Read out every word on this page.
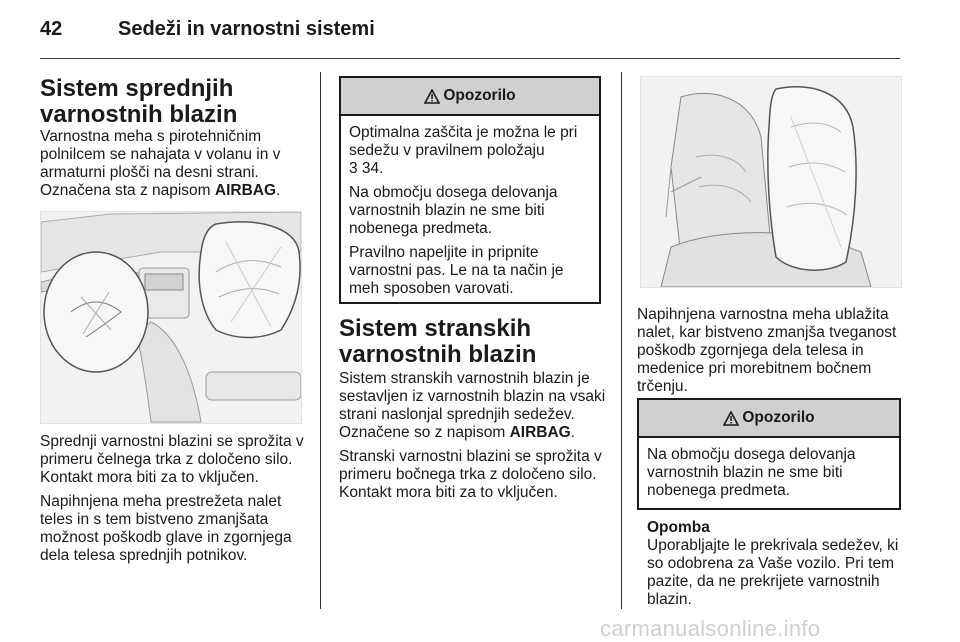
42	Sedeži in varnostni sistemi
Sistem sprednjih varnostnih blazin

Varnostna meha s pirotehničnim polnilcem se nahajata v volanu in v armaturni plošči na desni strani. Označena sta z napisom AIRBAG.

Sprednji varnostni blazini se sprožita v primeru čelnega trka z določeno silo. Kontakt mora biti za to vključen.

Napihnjena meha prestrežeta nalet teles in s tem bistveno zmanjšata možnost poškodb glave in zgornjega dela telesa sprednjih potnikov.

Opozorilo

Optimalna zaščita je možna le pri sedežu v pravilnem položaju

3 34.

Na območju dosega delovanja varnostnih blazin ne sme biti nobenega predmeta.

Pravilno napeljite in pripnite varnostni pas. Le na ta način je meh sposoben varovati.

Sistem stranskih varnostnih blazin

Sistem stranskih varnostnih blazin je sestavljen iz varnostnih blazin na vsaki strani naslonjal sprednjih sedežev. Označene so z napisom AIRBAG.

Stranski varnostni blazini se sprožita v primeru bočnega trka z določeno silo. Kontakt mora biti za to vključen.

Napihnjena varnostna meha ublažita nalet, kar bistveno zmanjša tveganost poškodb zgornjega dela telesa in medenice pri morebitnem bočnem trčenju.

Opozorilo

Na območju dosega delovanja varnostnih blazin ne sme biti nobenega predmeta.

Opomba

Uporabljajte le prekrivala sedežev, ki so odobrena za Vaše vozilo. Pri tem pazite, da ne prekrijete varnostnih blazin.

carmanualsonline.info
